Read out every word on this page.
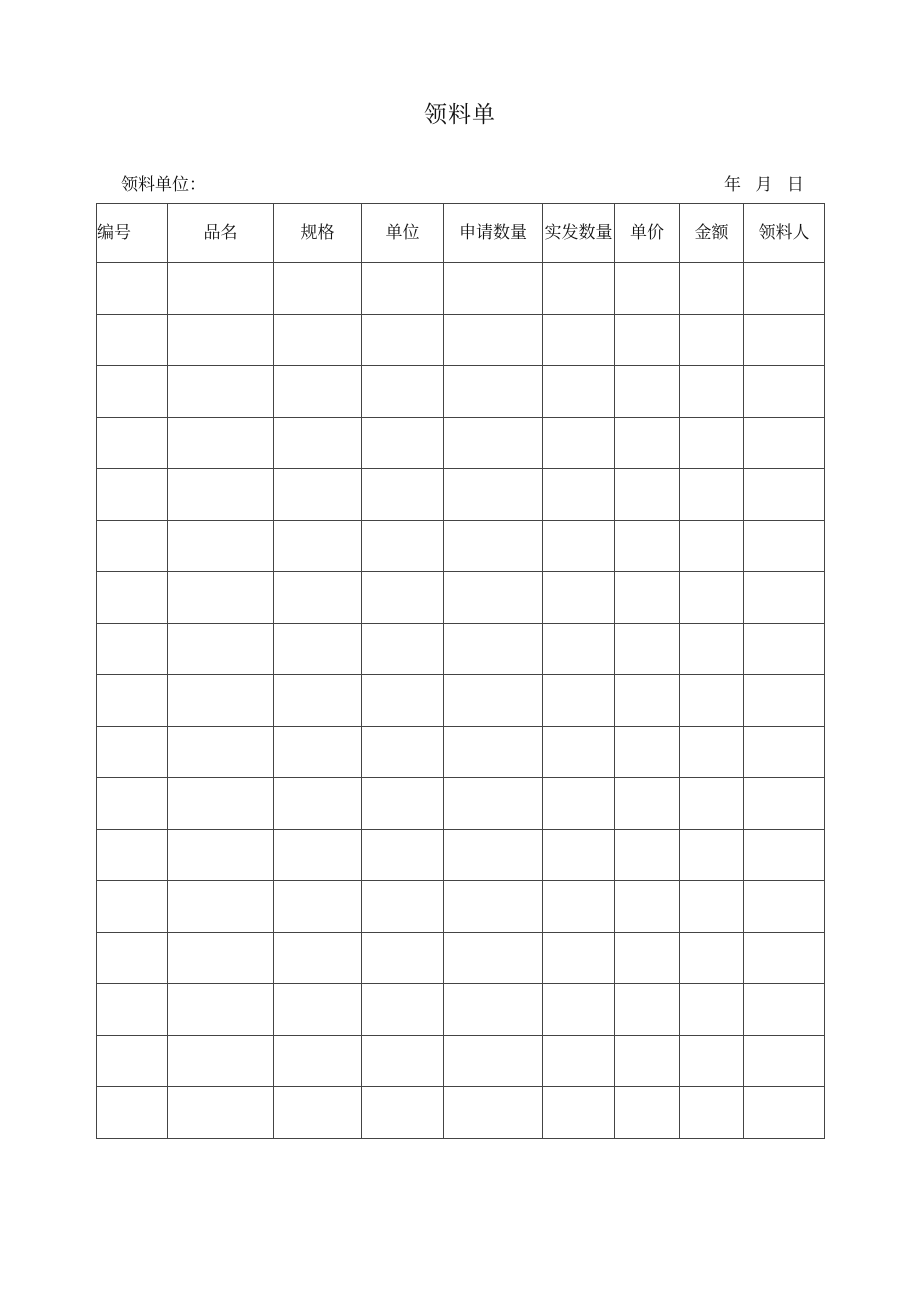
领料单
领料单位：	年 月 日
编号	品名	规格	单位	申请数量	实发数量	单价	金额	领料人
